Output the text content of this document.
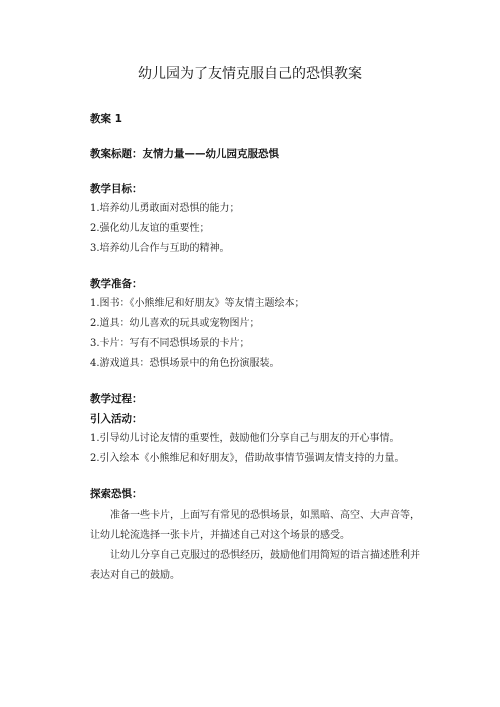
幼儿园为了友情克服自己的恐惧教案

教案 1

教案标题：友情力量——幼儿园克服恐惧

教学目标：

1.培养幼儿勇敢面对恐惧的能力；

2.强化幼儿友谊的重要性；

3.培养幼儿合作与互助的精神。

教学准备：

1.图书：《小熊维尼和好朋友》等友情主题绘本；

2.道具：幼儿喜欢的玩具或宠物图片；

3.卡片：写有不同恐惧场景的卡片；

4.游戏道具：恐惧场景中的角色扮演服装。

教学过程：

引入活动：

1.引导幼儿讨论友情的重要性，鼓励他们分享自己与朋友的开心事情。

2.引入绘本《小熊维尼和好朋友》，借助故事情节强调友情支持的力量。

探索恐惧：

准备一些卡片，上面写有常见的恐惧场景，如黑暗、高空、大声音等，让幼儿轮流选择一张卡片，并描述自己对这个场景的感受。

让幼儿分享自己克服过的恐惧经历，鼓励他们用简短的语言描述胜利并表达对自己的鼓励。
